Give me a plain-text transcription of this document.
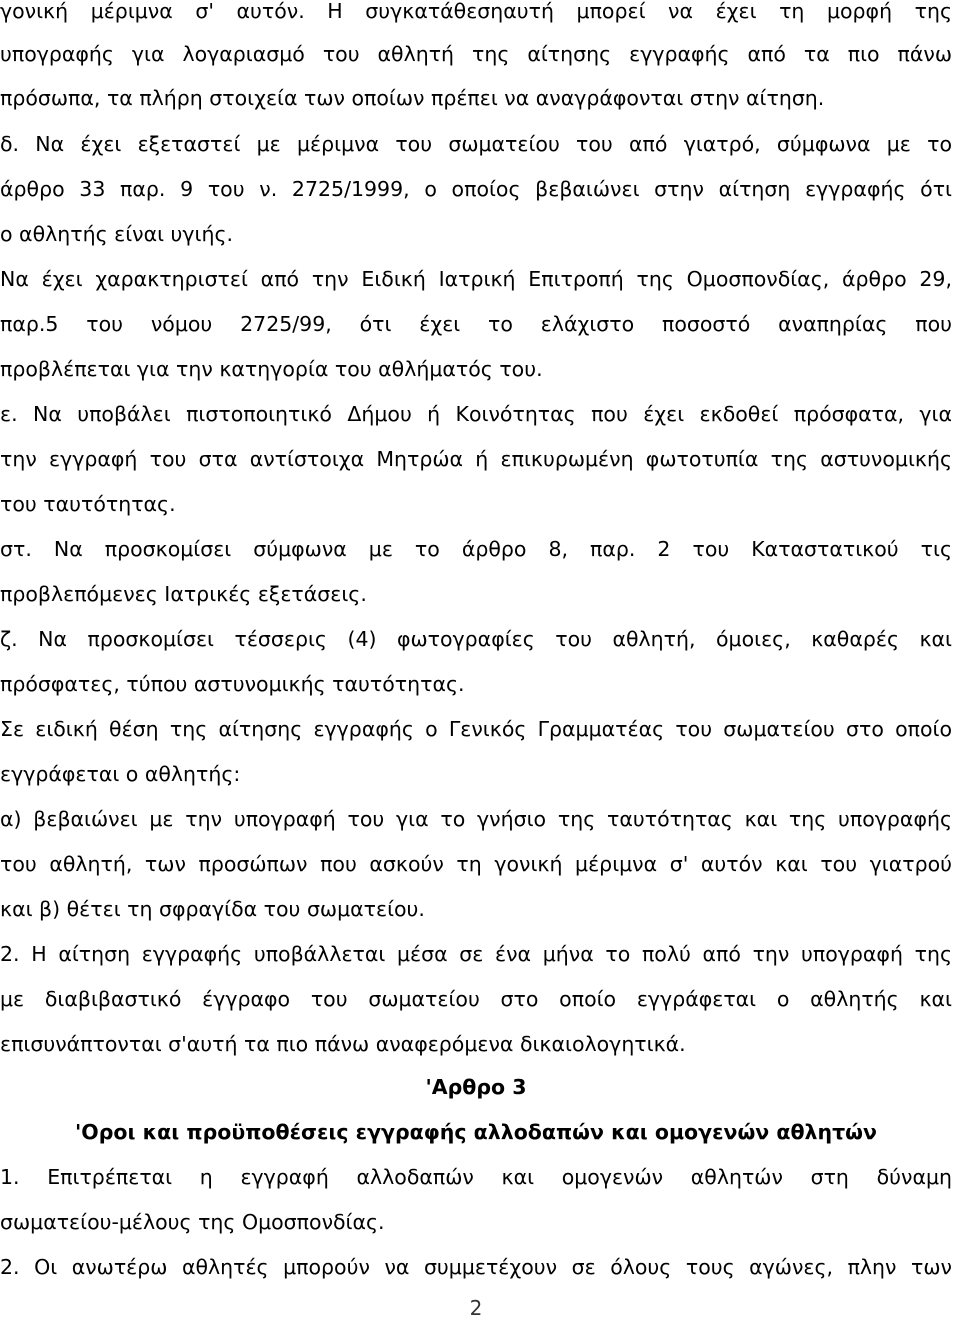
γονική μέριμνα σ' αυτόν. Η συγκατάθεσηαυτή μπορεί να έχει τη μορφή της
υπογραφής για λογαριασμό του αθλητή της αίτησης εγγραφής από τα πιο πάνω
πρόσωπα, τα πλήρη στοιχεία των οποίων πρέπει να αναγράφονται στην αίτηση.
δ. Να έχει εξεταστεί με μέριμνα του σωματείου του από γιατρό, σύμφωνα με το
άρθρο 33 παρ. 9 του ν. 2725/1999, ο οποίος βεβαιώνει στην αίτηση εγγραφής ότι
ο αθλητής είναι υγιής.
Να έχει χαρακτηριστεί από την Ειδική Ιατρική Επιτροπή της Ομοσπονδίας, άρθρο 29,
παρ.5 του νόμου 2725/99, ότι έχει το ελάχιστο ποσοστό αναπηρίας που
προβλέπεται για την κατηγορία του αθλήματός του.
ε. Να υποβάλει πιστοποιητικό Δήμου ή Κοινότητας που έχει εκδοθεί πρόσφατα, για
την εγγραφή του στα αντίστοιχα Μητρώα ή επικυρωμένη φωτοτυπία της αστυνομικής
του ταυτότητας.
στ. Να προσκομίσει σύμφωνα με το άρθρο 8, παρ. 2 του Καταστατικού τις
προβλεπόμενες Ιατρικές εξετάσεις.
ζ. Να προσκομίσει τέσσερις (4) φωτογραφίες του αθλητή, όμοιες, καθαρές και
πρόσφατες, τύπου αστυνομικής ταυτότητας.
Σε ειδική θέση της αίτησης εγγραφής ο Γενικός Γραμματέας του σωματείου στο οποίο
εγγράφεται ο αθλητής:
α) βεβαιώνει με την υπογραφή του για το γνήσιο της ταυτότητας και της υπογραφής
του αθλητή, των προσώπων που ασκούν τη γονική μέριμνα σ' αυτόν και του γιατρού
και β) θέτει τη σφραγίδα του σωματείου.
2. Η αίτηση εγγραφής υποβάλλεται μέσα σε ένα μήνα το πολύ από την υπογραφή της
με διαβιβαστικό έγγραφο του σωματείου στο οποίο εγγράφεται ο αθλητής και
επισυνάπτονται σ'αυτή τα πιο πάνω αναφερόμενα δικαιολογητικά.
'Αρθρο 3
'Οροι και προϋποθέσεις εγγραφής αλλοδαπών και ομογενών αθλητών
1. Επιτρέπεται η εγγραφή αλλοδαπών και ομογενών αθλητών στη δύναμη
σωματείου-μέλους της Ομοσπονδίας.
2. Οι ανωτέρω αθλητές μπορούν να συμμετέχουν σε όλους τους αγώνες, πλην των
2
